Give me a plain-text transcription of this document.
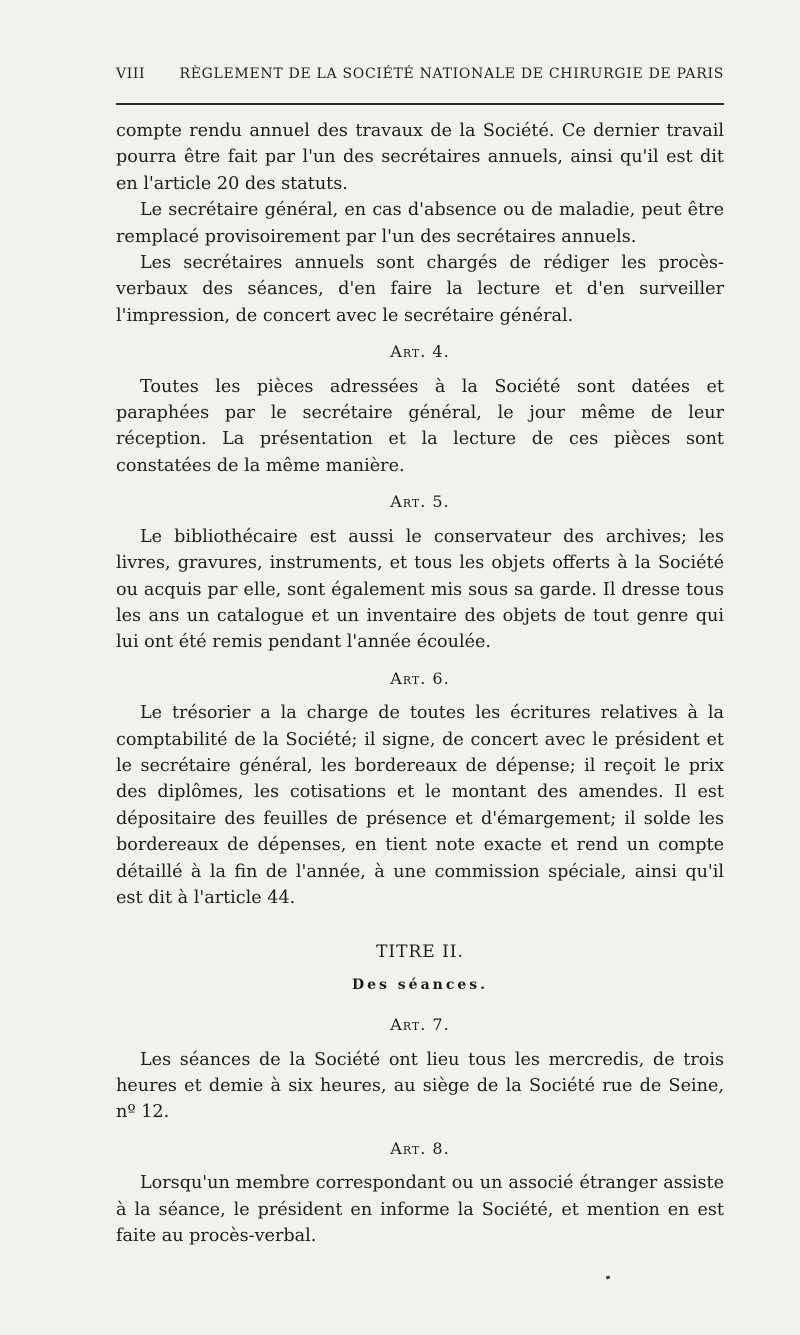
VIII RÈGLEMENT DE LA SOCIÉTÉ NATIONALE DE CHIRURGIE DE PARIS

compte rendu annuel des travaux de la Société. Ce dernier travail pourra être fait par l'un des secrétaires annuels, ainsi qu'il est dit en l'article 20 des statuts.

Le secrétaire général, en cas d'absence ou de maladie, peut être remplacé provisoirement par l'un des secrétaires annuels.

Les secrétaires annuels sont chargés de rédiger les procès-verbaux des séances, d'en faire la lecture et d'en surveiller l'impression, de concert avec le secrétaire général.

Art. 4.

Toutes les pièces adressées à la Société sont datées et paraphées par le secrétaire général, le jour même de leur réception. La présentation et la lecture de ces pièces sont constatées de la même manière.

Art. 5.

Le bibliothécaire est aussi le conservateur des archives; les livres, gravures, instruments, et tous les objets offerts à la Société ou acquis par elle, sont également mis sous sa garde. Il dresse tous les ans un catalogue et un inventaire des objets de tout genre qui lui ont été remis pendant l'année écoulée.

Art. 6.

Le trésorier a la charge de toutes les écritures relatives à la comptabilité de la Société; il signe, de concert avec le président et le secrétaire général, les bordereaux de dépense; il reçoit le prix des diplômes, les cotisations et le montant des amendes. Il est dépositaire des feuilles de présence et d'émargement; il solde les bordereaux de dépenses, en tient note exacte et rend un compte détaillé à la fin de l'année, à une commission spéciale, ainsi qu'il est dit à l'article 44.

TITRE II.
Des séances.
Art. 7.

Les séances de la Société ont lieu tous les mercredis, de trois heures et demie à six heures, au siège de la Société rue de Seine, nº 12.

Art. 8.

Lorsqu'un membre correspondant ou un associé étranger assiste à la séance, le président en informe la Société, et mention en est faite au procès-verbal.
